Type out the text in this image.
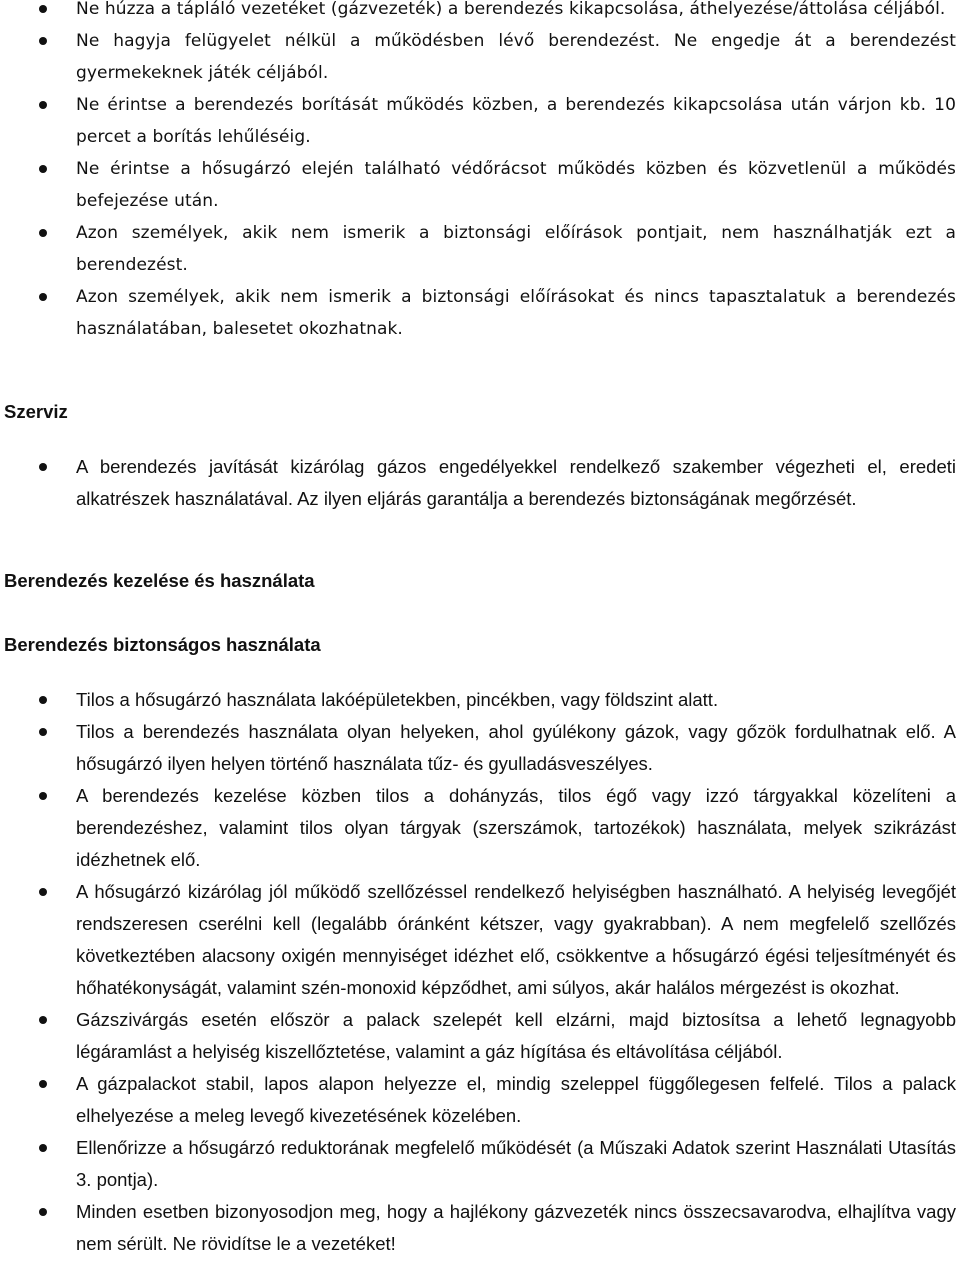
Ne húzza a tápláló vezetéket (gázvezeték) a berendezés kikapcsolása, áthelyezése/áttolása céljából.
Ne hagyja felügyelet nélkül a működésben lévő berendezést. Ne engedje át a berendezést gyermekeknek játék céljából.
Ne érintse a berendezés borítását működés közben, a berendezés kikapcsolása után várjon kb. 10 percet a borítás lehűléséig.
Ne érintse a hősugárzó elején található védőrácsot működés közben és közvetlenül a működés befejezése után.
Azon személyek, akik nem ismerik a biztonsági előírások pontjait, nem használhatják ezt a berendezést.
Azon személyek, akik nem ismerik a biztonsági előírásokat és nincs tapasztalatuk a berendezés használatában, balesetet okozhatnak.
Szerviz
A berendezés javítását kizárólag gázos engedélyekkel rendelkező szakember végezheti el, eredeti alkatrészek használatával. Az ilyen eljárás garantálja a berendezés biztonságának megőrzését.
Berendezés kezelése és használata
Berendezés biztonságos használata
Tilos a hősugárzó használata lakóépületekben, pincékben, vagy földszint alatt.
Tilos a berendezés használata olyan helyeken, ahol gyúlékony gázok, vagy gőzök fordulhatnak elő. A hősugárzó ilyen helyen történő használata tűz- és gyulladásveszélyes.
A berendezés kezelése közben tilos a dohányzás, tilos égő vagy izzó tárgyakkal közelíteni a berendezéshez, valamint tilos olyan tárgyak (szerszámok, tartozékok) használata, melyek szikrázást idézhetnek elő.
A hősugárzó kizárólag jól működő szellőzéssel rendelkező helyiségben használható. A helyiség levegőjét rendszeresen cserélni kell (legalább óránként kétszer, vagy gyakrabban). A nem megfelelő szellőzés következtében alacsony oxigén mennyiséget idézhet elő, csökkentve a hősugárzó égési teljesítményét és hőhatékonyságát, valamint szén-monoxid képződhet, ami súlyos, akár halálos mérgezést is okozhat.
Gázszivárgás esetén először a palack szelepét kell elzárni, majd biztosítsa a lehető legnagyobb légáramlást a helyiség kiszellőztetése, valamint a gáz hígítása és eltávolítása céljából.
A gázpalackot stabil, lapos alapon helyezze el, mindig szeleppel függőlegesen felfelé. Tilos a palack elhelyezése a meleg levegő kivezetésének közelében.
Ellenőrizze a hősugárzó reduktorának megfelelő működését (a Műszaki Adatok szerint Használati Utasítás 3. pontja).
Minden esetben bizonyosodjon meg, hogy a hajlékony gázvezeték nincs összecsavarodva, elhajlítva vagy nem sérült. Ne rövidítse le a vezetéket!
